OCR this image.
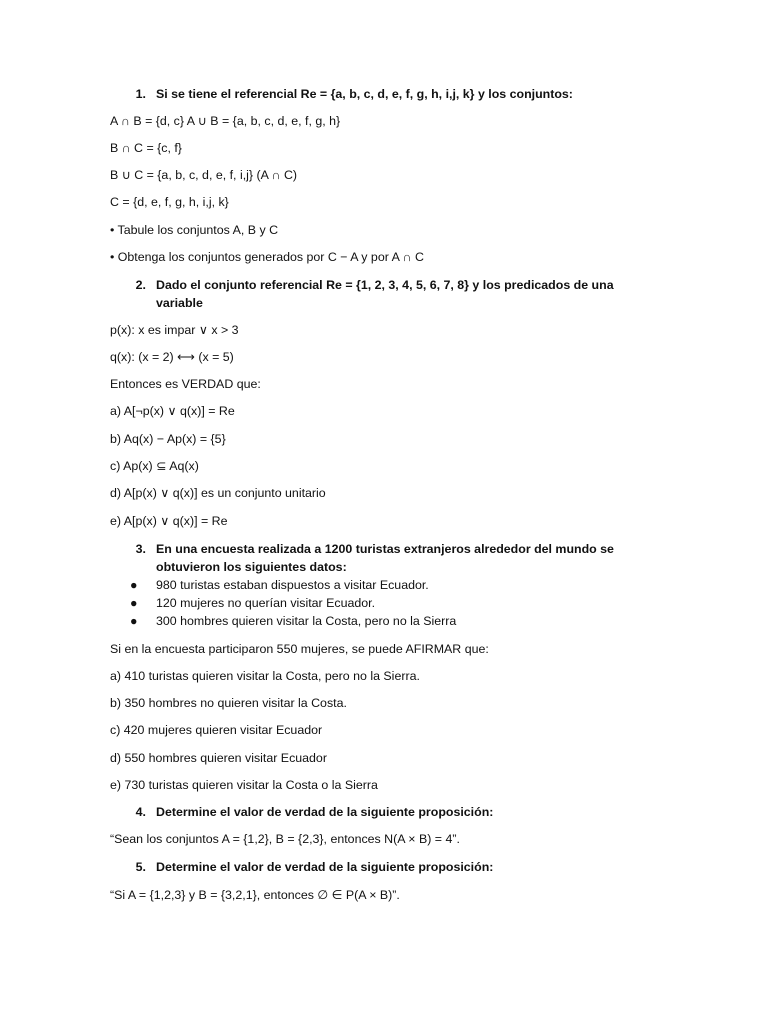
1. Si se tiene el referencial Re = {a, b, c, d, e, f, g, h, i,j, k} y los conjuntos:
A ∩ B = {d, c} A ∪ B = {a, b, c, d, e, f, g, h}
B ∩ C = {c, f}
B ∪ C = {a, b, c, d, e, f, i,j} (A ∩ C)
C = {d, e, f, g, h, i,j, k}
• Tabule los conjuntos A, B y C
• Obtenga los conjuntos generados por C − A y por A ∩ C
2. Dado el conjunto referencial Re = {1, 2, 3, 4, 5, 6, 7, 8} y los predicados de una variable
p(x): x es impar ∨ x > 3
q(x): (x = 2) ⟷ (x = 5)
Entonces es VERDAD que:
a) A[¬p(x) ∨ q(x)] = Re
b) Aq(x) − Ap(x) = {5}
c) Ap(x) ⊆ Aq(x)
d) A[p(x) ∨ q(x)] es un conjunto unitario
e) A[p(x) ∨ q(x)] = Re
3. En una encuesta realizada a 1200 turistas extranjeros alrededor del mundo se obtuvieron los siguientes datos:
● 980 turistas estaban dispuestos a visitar Ecuador.
● 120 mujeres no querían visitar Ecuador.
● 300 hombres quieren visitar la Costa, pero no la Sierra
Si en la encuesta participaron 550 mujeres, se puede AFIRMAR que:
a) 410 turistas quieren visitar la Costa, pero no la Sierra.
b) 350 hombres no quieren visitar la Costa.
c) 420 mujeres quieren visitar Ecuador
d) 550 hombres quieren visitar Ecuador
e) 730 turistas quieren visitar la Costa o la Sierra
4. Determine el valor de verdad de la siguiente proposición:
“Sean los conjuntos A = {1,2}, B = {2,3}, entonces N(A × B) = 4”.
5. Determine el valor de verdad de la siguiente proposición:
“Si A = {1,2,3} y B = {3,2,1}, entonces ∅ ∈ P(A × B)”.
